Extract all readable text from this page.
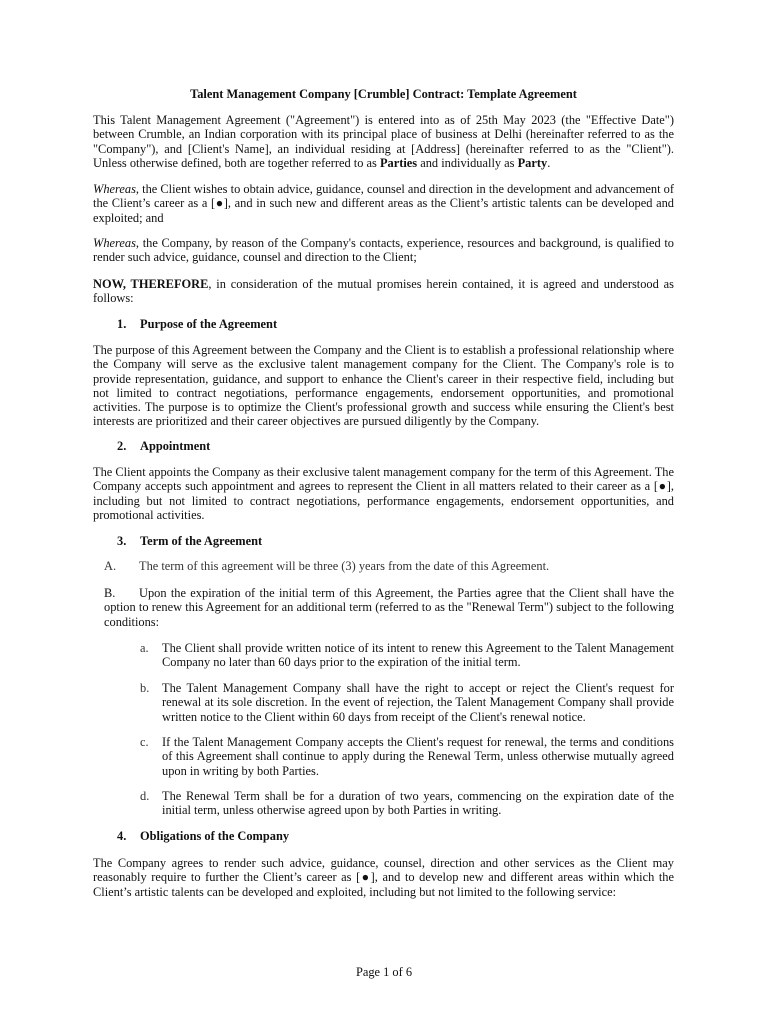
Talent Management Company [Crumble] Contract: Template Agreement

This Talent Management Agreement ("Agreement") is entered into as of 25th May 2023 (the "Effective Date") between Crumble, an Indian corporation with its principal place of business at Delhi (hereinafter referred to as the "Company"), and [Client's Name], an individual residing at [Address] (hereinafter referred to as the "Client"). Unless otherwise defined, both are together referred to as Parties and individually as Party.

Whereas, the Client wishes to obtain advice, guidance, counsel and direction in the development and advancement of the Client’s career as a [●], and in such new and different areas as the Client’s artistic talents can be developed and exploited; and

Whereas, the Company, by reason of the Company's contacts, experience, resources and background, is qualified to render such advice, guidance, counsel and direction to the Client;

NOW, THEREFORE, in consideration of the mutual promises herein contained, it is agreed and understood as follows:

1. Purpose of the Agreement

The purpose of this Agreement between the Company and the Client is to establish a professional relationship where the Company will serve as the exclusive talent management company for the Client. The Company's role is to provide representation, guidance, and support to enhance the Client's career in their respective field, including but not limited to contract negotiations, performance engagements, endorsement opportunities, and promotional activities. The purpose is to optimize the Client's professional growth and success while ensuring the Client's best interests are prioritized and their career objectives are pursued diligently by the Company.

2. Appointment

The Client appoints the Company as their exclusive talent management company for the term of this Agreement. The Company accepts such appointment and agrees to represent the Client in all matters related to their career as a [●], including but not limited to contract negotiations, performance engagements, endorsement opportunities, and promotional activities.

3. Term of the Agreement

A. The term of this agreement will be three (3) years from the date of this Agreement.

B. Upon the expiration of the initial term of this Agreement, the Parties agree that the Client shall have the option to renew this Agreement for an additional term (referred to as the "Renewal Term") subject to the following conditions:

a. The Client shall provide written notice of its intent to renew this Agreement to the Talent Management Company no later than 60 days prior to the expiration of the initial term.
b. The Talent Management Company shall have the right to accept or reject the Client's request for renewal at its sole discretion. In the event of rejection, the Talent Management Company shall provide written notice to the Client within 60 days from receipt of the Client's renewal notice.
c. If the Talent Management Company accepts the Client's request for renewal, the terms and conditions of this Agreement shall continue to apply during the Renewal Term, unless otherwise mutually agreed upon in writing by both Parties.
d. The Renewal Term shall be for a duration of two years, commencing on the expiration date of the initial term, unless otherwise agreed upon by both Parties in writing.
4. Obligations of the Company

The Company agrees to render such advice, guidance, counsel, direction and other services as the Client may reasonably require to further the Client’s career as [●], and to develop new and different areas within which the Client’s artistic talents can be developed and exploited, including but not limited to the following service:

Page 1 of 6
